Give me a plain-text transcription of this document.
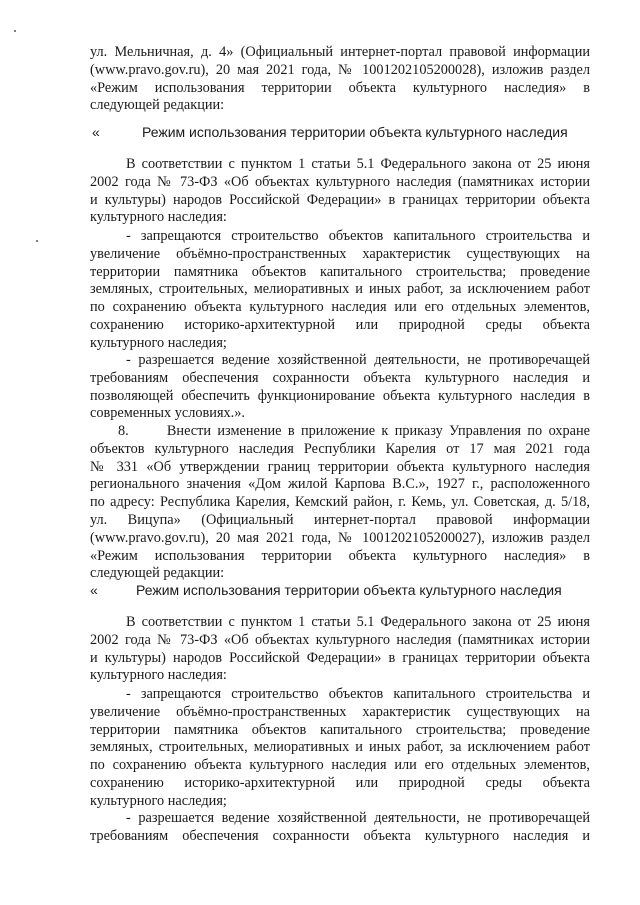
ул. Мельничная, д. 4» (Официальный интернет-портал правовой информации
(www.pravo.gov.ru), 20 мая 2021 года, № 1001202105200028), изложив раздел
«Режим использования территории объекта культурного наследия» в
следующей редакции:
«	Режим использования территории объекта культурного наследия
В соответствии с пунктом 1 статьи 5.1 Федерального закона от 25 июня
2002 года № 73-ФЗ «Об объектах культурного наследия (памятниках истории
и культуры) народов Российской Федерации» в границах территории объекта
культурного наследия:
- запрещаются строительство объектов капитального строительства и
увеличение объёмно-пространственных характеристик существующих на
территории памятника объектов капитального строительства; проведение
земляных, строительных, мелиоративных и иных работ, за исключением работ
по сохранению объекта культурного наследия или его отдельных элементов,
сохранению историко-архитектурной или природной среды объекта
культурного наследия;
- разрешается ведение хозяйственной деятельности, не противоречащей
требованиям обеспечения сохранности объекта культурного наследия и
позволяющей обеспечить функционирование объекта культурного наследия в
современных условиях.».
8.      Внести изменение в приложение к приказу Управления по охране
объектов культурного наследия Республики Карелия от 17 мая 2021 года
№ 331 «Об утверждении границ территории объекта культурного наследия
регионального значения «Дом жилой Карпова В.С.», 1927 г., расположенного
по адресу: Республика Карелия, Кемский район, г. Кемь, ул. Советская, д. 5/18,
ул. Вицупа» (Официальный интернет-портал правовой информации
(www.pravo.gov.ru), 20 мая 2021 года, № 1001202105200027), изложив раздел
«Режим использования территории объекта культурного наследия» в
следующей редакции:
«	Режим использования территории объекта культурного наследия
В соответствии с пунктом 1 статьи 5.1 Федерального закона от 25 июня
2002 года № 73-ФЗ «Об объектах культурного наследия (памятниках истории
и культуры) народов Российской Федерации» в границах территории объекта
культурного наследия:
- запрещаются строительство объектов капитального строительства и
увеличение объёмно-пространственных характеристик существующих на
территории памятника объектов капитального строительства; проведение
земляных, строительных, мелиоративных и иных работ, за исключением работ
по сохранению объекта культурного наследия или его отдельных элементов,
сохранению историко-архитектурной или природной среды объекта
культурного наследия;
- разрешается ведение хозяйственной деятельности, не противоречащей
требованиям обеспечения сохранности объекта культурного наследия и
